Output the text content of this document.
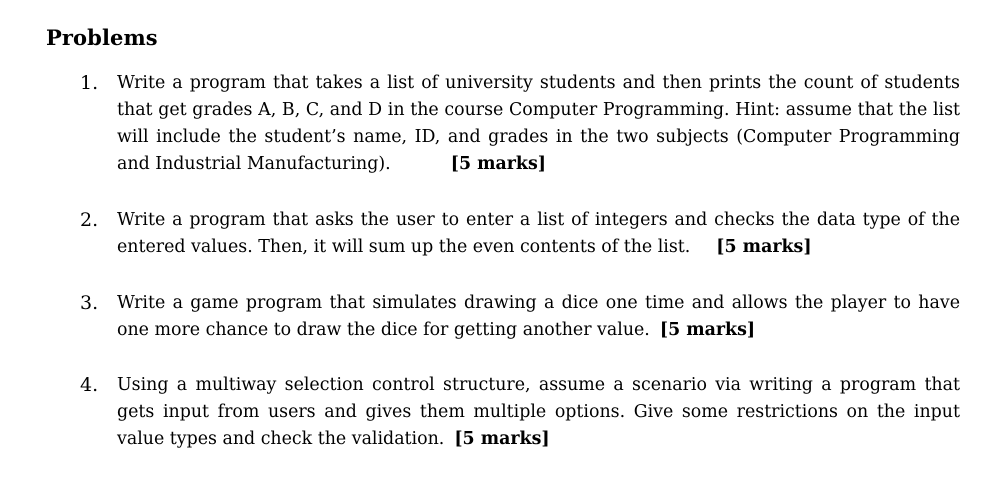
Problems
1. Write a program that takes a list of university students and then prints the count of students that get grades A, B, C, and D in the course Computer Programming. Hint: assume that the list will include the student’s name, ID, and grades in the two subjects (Computer Programming and Industrial Manufacturing).	[5 marks]
2. Write a program that asks the user to enter a list of integers and checks the data type of the entered values. Then, it will sum up the even contents of the list. [5 marks]
3. Write a game program that simulates drawing a dice one time and allows the player to have one more chance to draw the dice for getting another value. [5 marks]
4. Using a multiway selection control structure, assume a scenario via writing a program that gets input from users and gives them multiple options. Give some restrictions on the input value types and check the validation. [5 marks]
